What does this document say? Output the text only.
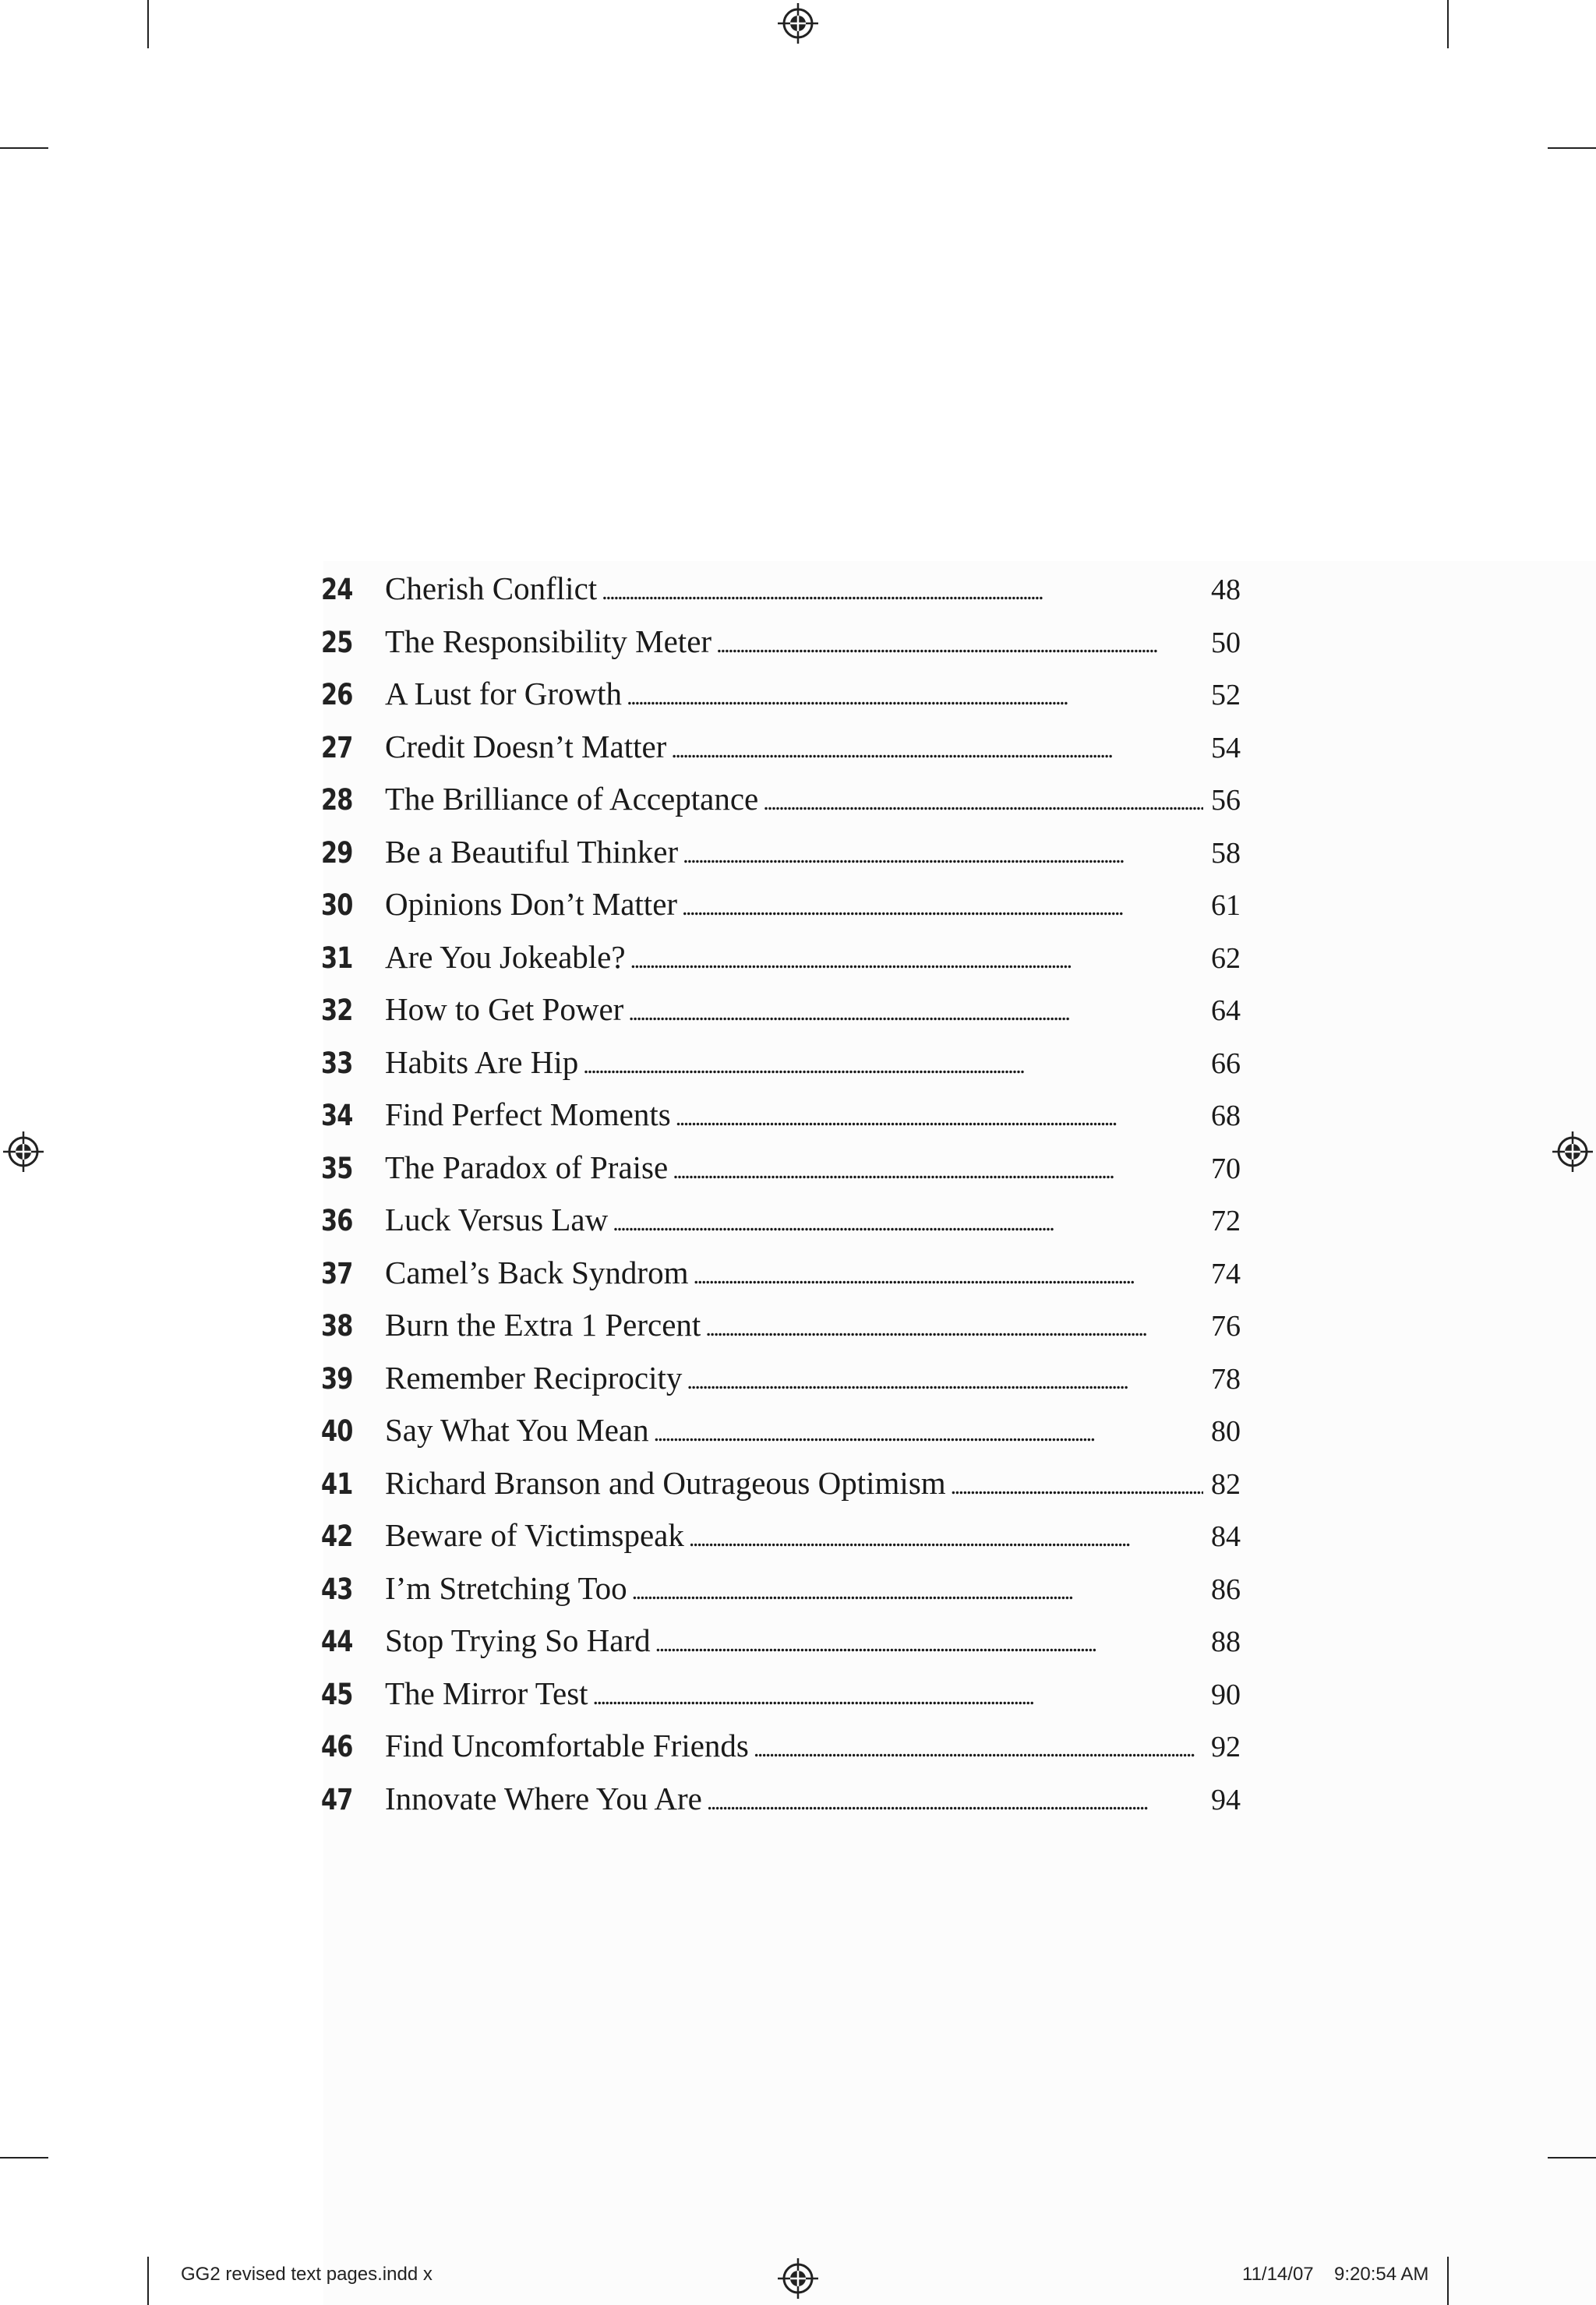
24	Cherish Conflict . . .	48
25	The Responsibility Meter . . .	50
26	A Lust for Growth . . .	52
27	Credit Doesn’t Matter . . .	54
28	The Brilliance of Acceptance . . .	56
29	Be a Beautiful Thinker . . .	58
30	Opinions Don’t Matter . . .	61
31	Are You Jokeable? . . .	62
32	How to Get Power . . .	64
33	Habits Are Hip . . .	66
34	Find Perfect Moments . . .	68
35	The Paradox of Praise . . .	70
36	Luck Versus Law . . .	72
37	Camel’s Back Syndrom . . .	74
38	Burn the Extra 1 Percent . . .	76
39	Remember Reciprocity . . .	78
40	Say What You Mean . . .	80
41	Richard Branson and Outrageous Optimism . . .	82
42	Beware of Victimspeak . . .	84
43	I’m Stretching Too . . .	86
44	Stop Trying So Hard . . .	88
45	The Mirror Test . . .	90
46	Find Uncomfortable Friends . . .	92
47	Innovate Where You Are . . .	94
GG2 revised text pages.indd x	11/14/07 9:20:54 AM
